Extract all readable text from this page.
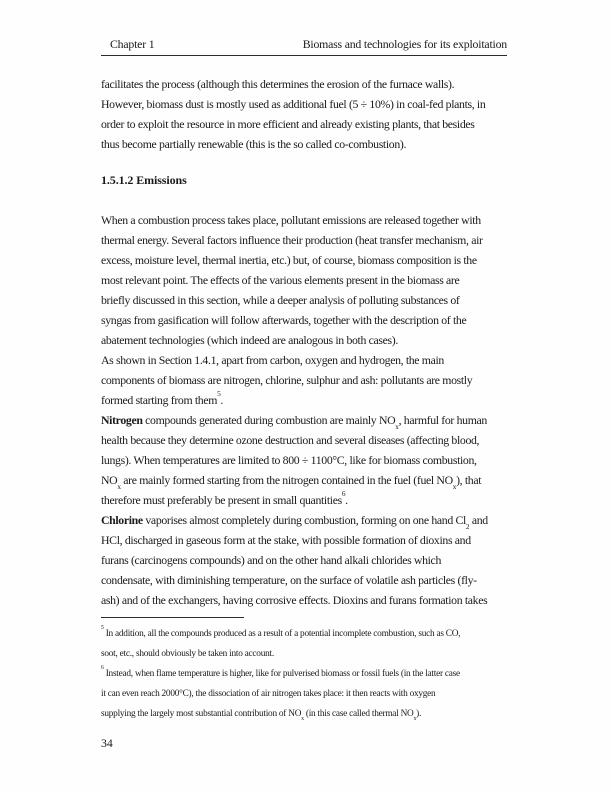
Chapter 1	Biomass and technologies for its exploitation
facilitates the process (although this determines the erosion of the furnace walls).
However, biomass dust is mostly used as additional fuel (5 ÷ 10%) in coal-fed plants, in
order to exploit the resource in more efficient and already existing plants, that besides
thus become partially renewable (this is the so called co-combustion).
1.5.1.2 Emissions
When a combustion process takes place, pollutant emissions are released together with
thermal energy. Several factors influence their production (heat transfer mechanism, air
excess, moisture level, thermal inertia, etc.) but, of course, biomass composition is the
most relevant point. The effects of the various elements present in the biomass are
briefly discussed in this section, while a deeper analysis of polluting substances of
syngas from gasification will follow afterwards, together with the description of the
abatement technologies (which indeed are analogous in both cases).
As shown in Section 1.4.1, apart from carbon, oxygen and hydrogen, the main
components of biomass are nitrogen, chlorine, sulphur and ash: pollutants are mostly
formed starting from them$^5$.
Nitrogen compounds generated during combustion are mainly $NO_x$, harmful for human
health because they determine ozone destruction and several diseases (affecting blood,
lungs). When temperatures are limited to 800 ÷ 1100°C, like for biomass combustion,
$NO_x$ are mainly formed starting from the nitrogen contained in the fuel (fuel $NO_x$), that
therefore must preferably be present in small quantities$^6$.
Chlorine vaporises almost completely during combustion, forming on one hand $Cl_2$ and
HCl, discharged in gaseous form at the stake, with possible formation of dioxins and
furans (carcinogens compounds) and on the other hand alkali chlorides which
condensate, with diminishing temperature, on the surface of volatile ash particles (fly-
ash) and of the exchangers, having corrosive effects. Dioxins and furans formation takes
$^5$ In addition, all the compounds produced as a result of a potential incomplete combustion, such as CO,
soot, etc., should obviously be taken into account.
$^6$ Instead, when flame temperature is higher, like for pulverised biomass or fossil fuels (in the latter case
it can even reach 2000°C), the dissociation of air nitrogen takes place: it then reacts with oxygen
supplying the largely most substantial contribution of $NO_x$ (in this case called thermal $NO_x$).
34
